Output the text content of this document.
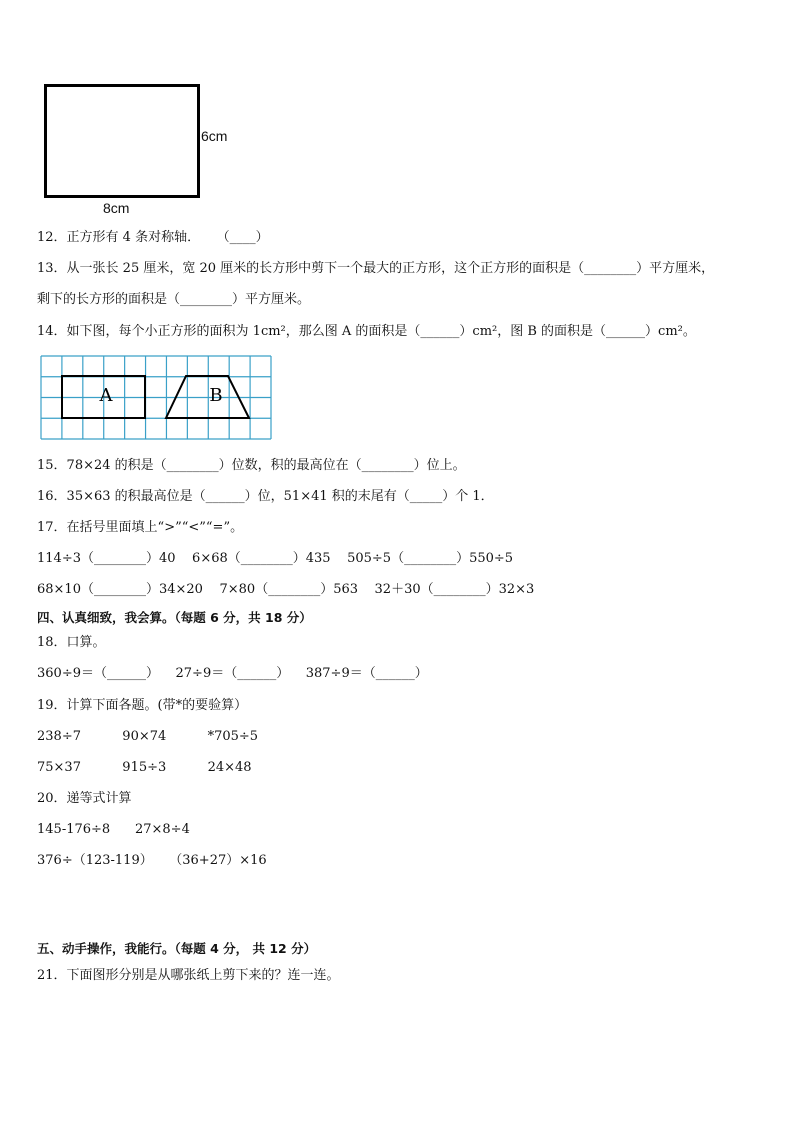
6cm
8cm
12．正方形有 4 条对称轴．    （____）
13．从一张长 25 厘米，宽 20 厘米的长方形中剪下一个最大的正方形，这个正方形的面积是（________）平方厘米，
剩下的长方形的面积是（________）平方厘米。
14．如下图，每个小正方形的面积为 1cm²，那么图 A 的面积是（______）cm²，图 B 的面积是（______）cm²。
A	B
15．78×24 的积是（________）位数，积的最高位在（________）位上。
16．35×63 的积最高位是（______）位，51×41 积的末尾有（_____）个 1．
17．在括号里面填上“>”“<”“=”。
114÷3（________）40    6×68（________）435    505÷5（________）550÷5
68×10（________）34×20    7×80（________）563    32＋30（________）32×3
四、认真细致，我会算。（每题 6 分，共 18 分）
18．口算。
360÷9＝（______）    27÷9＝（______）    387÷9＝（______）
19．计算下面各题。(带*的要验算）
238÷7          90×74          *705÷5
75×37          915÷3          24×48
20．递等式计算
145-176÷8      27×8÷4
376÷（123-119）    （36+27）×16
五、动手操作，我能行。（每题 4 分， 共 12 分）
21．下面图形分别是从哪张纸上剪下来的？连一连。
